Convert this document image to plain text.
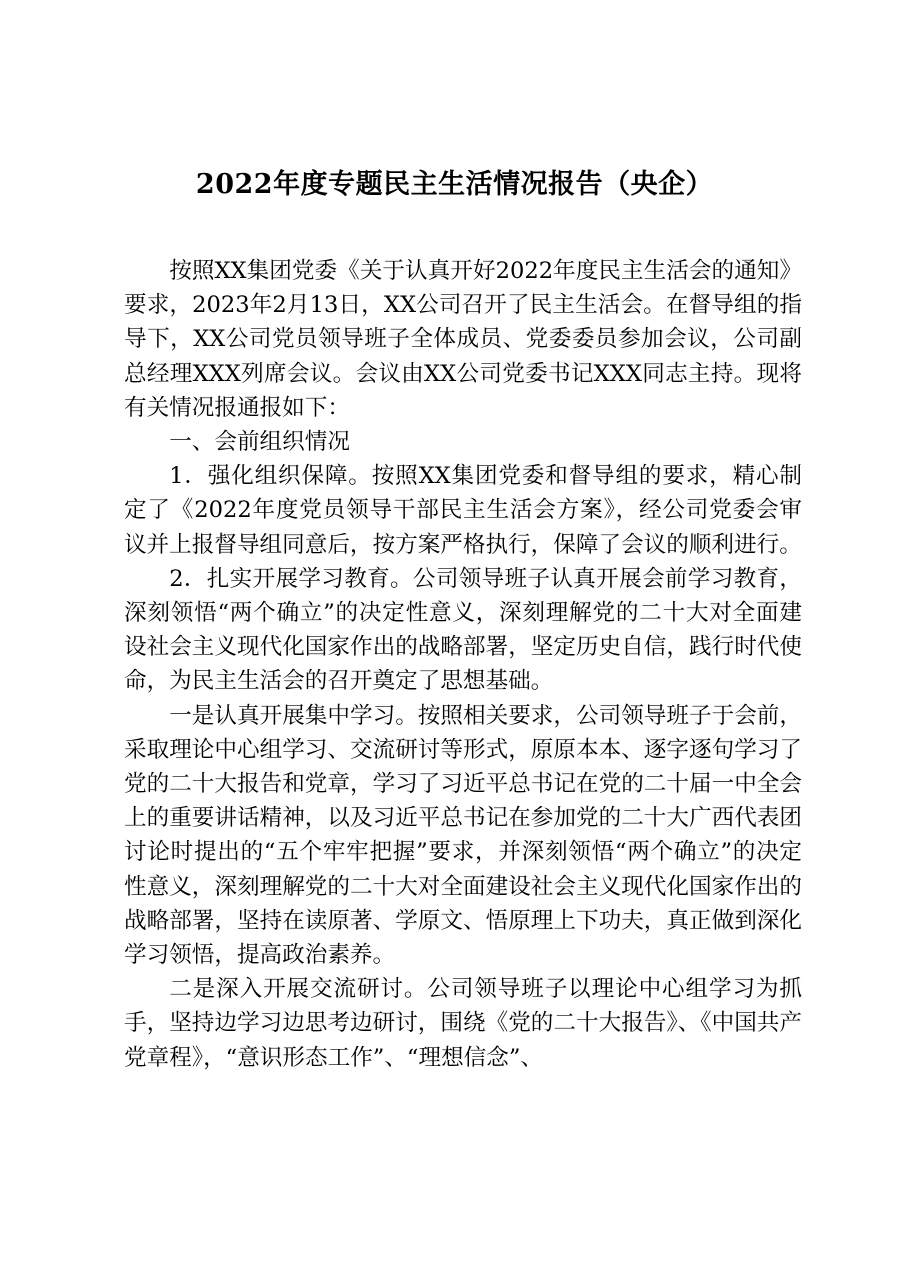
2022年度专题民主生活情况报告（央企）

按照XX集团党委《关于认真开好2022年度民主生活会的通知》要求，2023年2月13日，XX公司召开了民主生活会。在督导组的指导下，XX公司党员领导班子全体成员、党委委员参加会议，公司副总经理XXX列席会议。会议由XX公司党委书记XXX同志主持。现将有关情况报通报如下：

一、会前组织情况

1．强化组织保障。按照XX集团党委和督导组的要求，精心制定了《2022年度党员领导干部民主生活会方案》，经公司党委会审议并上报督导组同意后，按方案严格执行，保障了会议的顺利进行。

2．扎实开展学习教育。公司领导班子认真开展会前学习教育，深刻领悟“两个确立”的决定性意义，深刻理解党的二十大对全面建设社会主义现代化国家作出的战略部署，坚定历史自信，践行时代使命，为民主生活会的召开奠定了思想基础。

一是认真开展集中学习。按照相关要求，公司领导班子于会前，采取理论中心组学习、交流研讨等形式，原原本本、逐字逐句学习了党的二十大报告和党章，学习了习近平总书记在党的二十届一中全会上的重要讲话精神，以及习近平总书记在参加党的二十大广西代表团讨论时提出的“五个牢牢把握”要求，并深刻领悟“两个确立”的决定性意义，深刻理解党的二十大对全面建设社会主义现代化国家作出的战略部署，坚持在读原著、学原文、悟原理上下功夫，真正做到深化学习领悟，提高政治素养。

二是深入开展交流研讨。公司领导班子以理论中心组学习为抓手，坚持边学习边思考边研讨，围绕《党的二十大报告》、《中国共产党章程》，“意识形态工作”、“理想信念”、
